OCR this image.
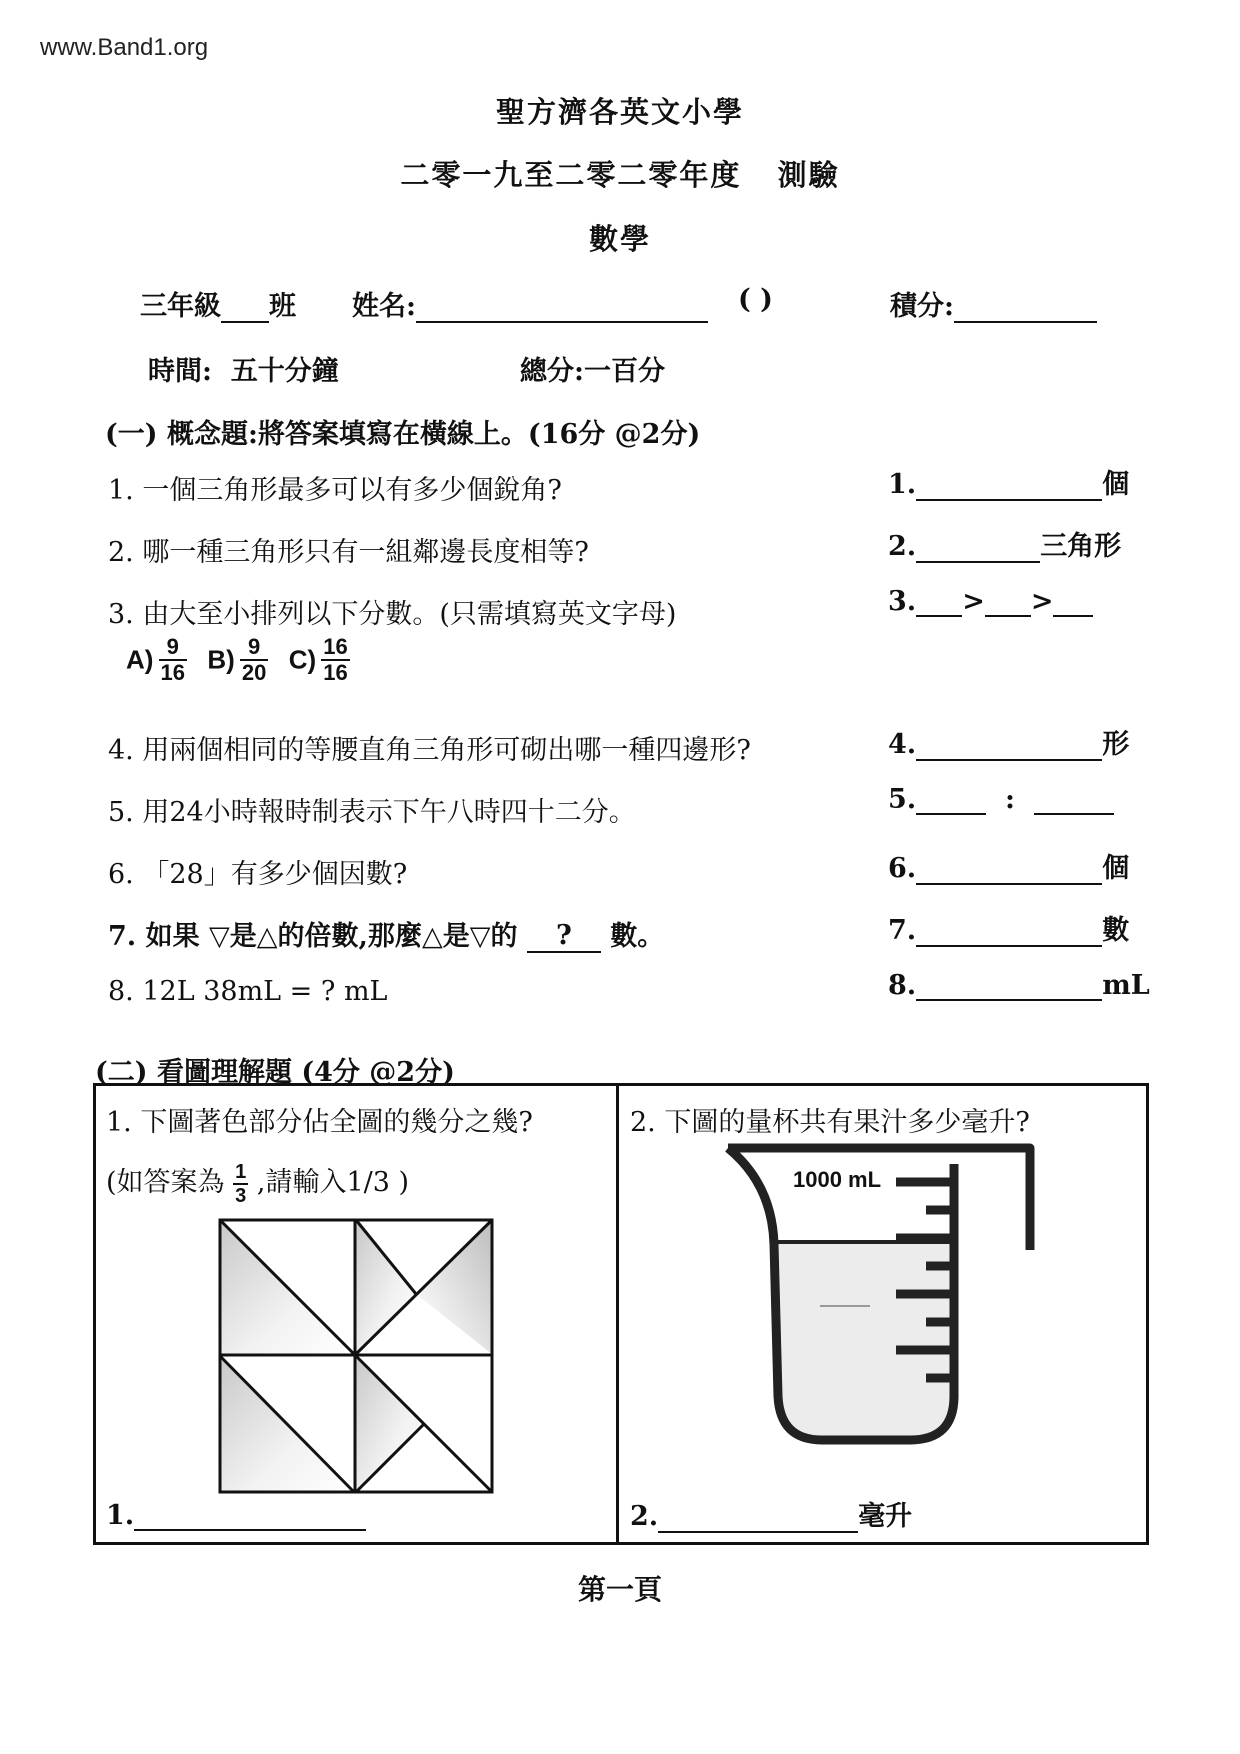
www.Band1.org
聖方濟各英文小學
二零一九至二零二零年度 測驗
數學
三年級 班 姓名:	( )	積分:
時間: 五十分鐘	總分:一百分
(一) 概念題:將答案填寫在橫線上。(16分 @2分)
1. 一個三角形最多可以有多少個銳角?	1.	個
2. 哪一種三角形只有一組鄰邊長度相等?	2.	三角形
3. 由大至小排列以下分數。(只需填寫英文字母)	3. > >
$A) \frac{9}{16} B) \frac{9}{20} C) \frac{16}{16}$
4. 用兩個相同的等腰直角三角形可砌出哪一種四邊形?	4.	形
5. 用24小時報時制表示下午八時四十二分。	5.	:
6. 「28」有多少個因數?	6.	個
7. 如果 ▽是△的倍數,那麼△是▽的 ? 數。	7.	數
8. 12L 38mL = ? mL	8.	mL
(二) 看圖理解題 (4分 @2分)
1. 下圖著色部分佔全圖的幾分之幾?
(如答案為 $\frac{1}{3}$ ,請輸入1/3 )
1.
2. 下圖的量杯共有果汁多少毫升?
1000 mL
2.	毫升
第一頁
